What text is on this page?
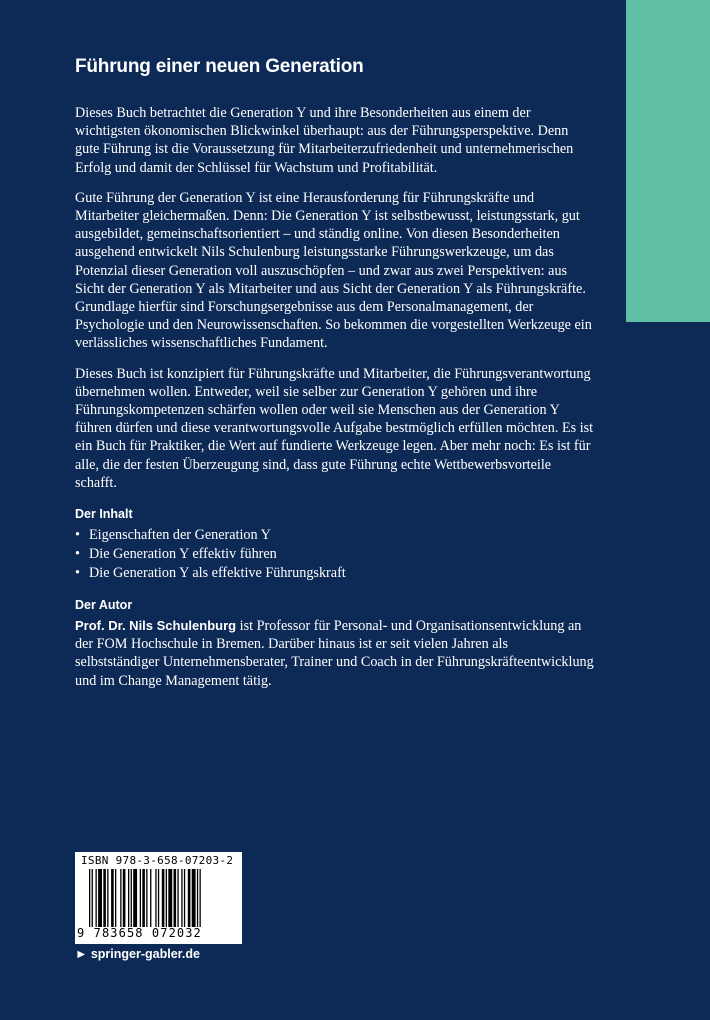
Führung einer neuen Generation

Dieses Buch betrachtet die Generation Y und ihre Besonderheiten aus einem der wichtigsten ökonomischen Blickwinkel überhaupt: aus der Führungsperspektive. Denn gute Führung ist die Voraussetzung für Mitarbeiterzufriedenheit und unternehmerischen Erfolg und damit der Schlüssel für Wachstum und Profitabilität.

Gute Führung der Generation Y ist eine Herausforderung für Führungskräfte und Mitarbeiter gleichermaßen. Denn: Die Generation Y ist selbstbewusst, leistungsstark, gut ausgebildet, gemeinschaftsorientiert – und ständig online. Von diesen Besonderheiten ausgehend entwickelt Nils Schulenburg leistungsstarke Führungswerkzeuge, um das Potenzial dieser Generation voll auszuschöpfen – und zwar aus zwei Perspektiven: aus Sicht der Generation Y als Mitarbeiter und aus Sicht der Generation Y als Führungskräfte. Grundlage hierfür sind Forschungsergebnisse aus dem Personalmanagement, der Psychologie und den Neurowissenschaften. So bekommen die vorgestellten Werkzeuge ein verlässliches wissenschaftliches Fundament.

Dieses Buch ist konzipiert für Führungskräfte und Mitarbeiter, die Führungsverantwortung übernehmen wollen. Entweder, weil sie selber zur Generation Y gehören und ihre Führungskompetenzen schärfen wollen oder weil sie Menschen aus der Generation Y führen dürfen und diese verantwortungsvolle Aufgabe bestmöglich erfüllen möchten. Es ist ein Buch für Praktiker, die Wert auf fundierte Werkzeuge legen. Aber mehr noch: Es ist für alle, die der festen Überzeugung sind, dass gute Führung echte Wettbewerbsvorteile schafft.

Der Inhalt
• Eigenschaften der Generation Y
• Die Generation Y effektiv führen
• Die Generation Y als effektive Führungskraft
Der Autor

Prof. Dr. Nils Schulenburg ist Professor für Personal- und Organisationsentwicklung an der FOM Hochschule in Bremen. Darüber hinaus ist er seit vielen Jahren als selbstständiger Unternehmensberater, Trainer und Coach in der Führungskräfteentwicklung und im Change Management tätig.

ISBN 978-3-658-07203-2
9 783658 072032
► springer-gabler.de
